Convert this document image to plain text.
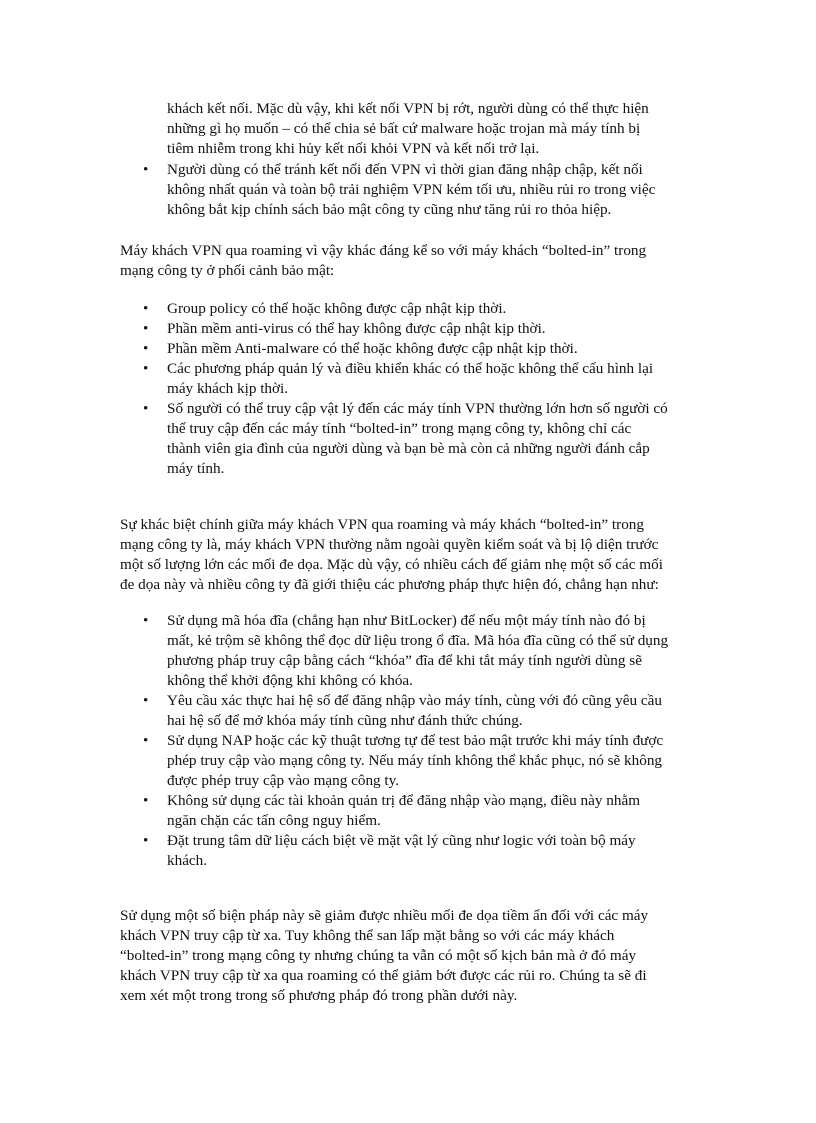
khách kết nối. Mặc dù vậy, khi kết nối VPN bị rớt, người dùng có thể thực hiện
những gì họ muốn – có thể chia sẻ bất cứ malware hoặc trojan mà máy tính bị
tiêm nhiễm trong khi hủy kết nối khỏi VPN và kết nối trở lại.
• Người dùng có thể tránh kết nối đến VPN vì thời gian đăng nhập chập, kết nối
không nhất quán và toàn bộ trải nghiệm VPN kém tối ưu, nhiều rủi ro trong việc
không bắt kịp chính sách bảo mật công ty cũng như tăng rủi ro thỏa hiệp.

Máy khách VPN qua roaming vì vậy khác đáng kể so với máy khách “bolted-in” trong
mạng công ty ở phối cảnh bảo mật:

• Group policy có thể hoặc không được cập nhật kịp thời.
• Phần mềm anti-virus có thể hay không được cập nhật kịp thời.
• Phần mềm Anti-malware có thể hoặc không được cập nhật kịp thời.
• Các phương pháp quản lý và điều khiển khác có thể hoặc không thể cấu hình lại
máy khách kịp thời.
• Số người có thể truy cập vật lý đến các máy tính VPN thường lớn hơn số người có
thể truy cập đến các máy tính “bolted-in” trong mạng công ty, không chỉ các
thành viên gia đình của người dùng và bạn bè mà còn cả những người đánh cắp
máy tính.

Sự khác biệt chính giữa máy khách VPN qua roaming và máy khách “bolted-in” trong
mạng công ty là, máy khách VPN thường nằm ngoài quyền kiểm soát và bị lộ diện trước
một số lượng lớn các mối đe dọa. Mặc dù vậy, có nhiều cách để giảm nhẹ một số các mối
đe dọa này và nhiều công ty đã giới thiệu các phương pháp thực hiện đó, chẳng hạn như:

• Sử dụng mã hóa đĩa (chẳng hạn như BitLocker) để nếu một máy tính nào đó bị
mất, kẻ trộm sẽ không thể đọc dữ liệu trong ổ đĩa. Mã hóa đĩa cũng có thể sử dụng
phương pháp truy cập bằng cách “khóa” đĩa để khi tắt máy tính người dùng sẽ
không thể khởi động khi không có khóa.
• Yêu cầu xác thực hai hệ số để đăng nhập vào máy tính, cùng với đó cũng yêu cầu
hai hệ số để mở khóa máy tính cũng như đánh thức chúng.
• Sử dụng NAP hoặc các kỹ thuật tương tự để test bảo mật trước khi máy tính được
phép truy cập vào mạng công ty. Nếu máy tính không thể khắc phục, nó sẽ không
được phép truy cập vào mạng công ty.
• Không sử dụng các tài khoản quản trị để đăng nhập vào mạng, điều này nhằm
ngăn chặn các tấn công nguy hiểm.
• Đặt trung tâm dữ liệu cách biệt về mặt vật lý cũng như logic với toàn bộ máy
khách.

Sử dụng một số biện pháp này sẽ giảm được nhiều mối đe dọa tiềm ẩn đối với các máy
khách VPN truy cập từ xa. Tuy không thể san lấp mặt bằng so với các máy khách
“bolted-in” trong mạng công ty nhưng chúng ta vẫn có một số kịch bản mà ở đó máy
khách VPN truy cập từ xa qua roaming có thể giảm bớt được các rủi ro. Chúng ta sẽ đi
xem xét một trong trong số phương pháp đó trong phần dưới này.
